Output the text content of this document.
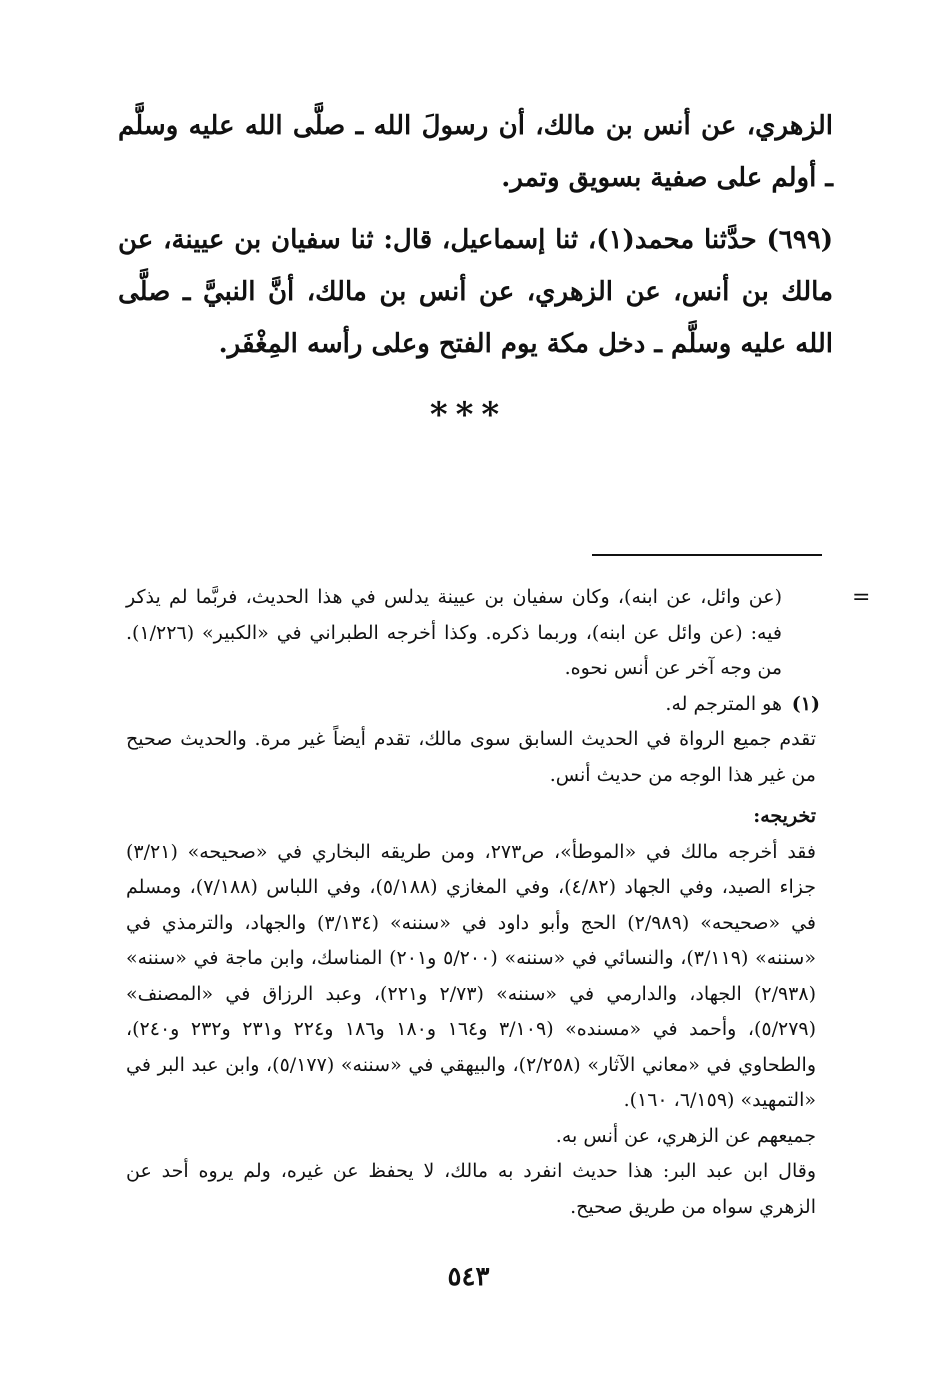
الزهري، عن أنس بن مالك، أن رسولَ الله ـ صلَّى الله عليه وسلَّم ـ أولم على صفية بسويق وتمر.

(٦٩٩) حدَّثنا محمد(١)، ثنا إسماعيل، قال: ثنا سفيان بن عيينة، عن مالك بن أنس، عن الزهري، عن أنس بن مالك، أنَّ النبيَّ ـ صلَّى الله عليه وسلَّم ـ دخل مكة يوم الفتح وعلى رأسه المِغْفَر.

***
=

(عن وائل، عن ابنه)، وكان سفيان بن عيينة يدلس في هذا الحديث، فربَّما لم يذكر فيه: (عن وائل عن ابنه)، وربما ذكره. وكذا أخرجه الطبراني في «الكبير» (١/٢٢٦). من وجه آخر عن أنس نحوه.

(١)

هو المترجم له.

تقدم جميع الرواة في الحديث السابق سوى مالك، تقدم أيضاً غير مرة. والحديث صحيح من غير هذا الوجه من حديث أنس.

تخريجه:

فقد أخرجه مالك في «الموطأ»، ص٢٧٣، ومن طريقه البخاري في «صحيحه» (٣/٢١) جزاء الصيد، وفي الجهاد (٤/٨٢)، وفي المغازي (٥/١٨٨)، وفي اللباس (٧/١٨٨)، ومسلم في «صحيحه» (٢/٩٨٩) الحج وأبو داود في «سننه» (٣/١٣٤) والجهاد، والترمذي في «سننه» (٣/١١٩)، والنسائي في «سننه» (٥/٢٠٠ و٢٠١) المناسك، وابن ماجة في «سننه» (٢/٩٣٨) الجهاد، والدارمي في «سننه» (٢/٧٣ و٢٢١)، وعبد الرزاق في «المصنف» (٥/٢٧٩)، وأحمد في «مسنده» (٣/١٠٩ و١٦٤ و١٨٠ و١٨٦ و٢٢٤ و٢٣١ و٢٣٢ و٢٤٠)، والطحاوي في «معاني الآثار» (٢/٢٥٨)، والبيهقي في «سننه» (٥/١٧٧)، وابن عبد البر في «التمهيد» (٦/١٥٩، ١٦٠).

جميعهم عن الزهري، عن أنس به.

وقال ابن عبد البر: هذا حديث انفرد به مالك، لا يحفظ عن غيره، ولم يروه أحد عن الزهري سواه من طريق صحيح.

٥٤٣
